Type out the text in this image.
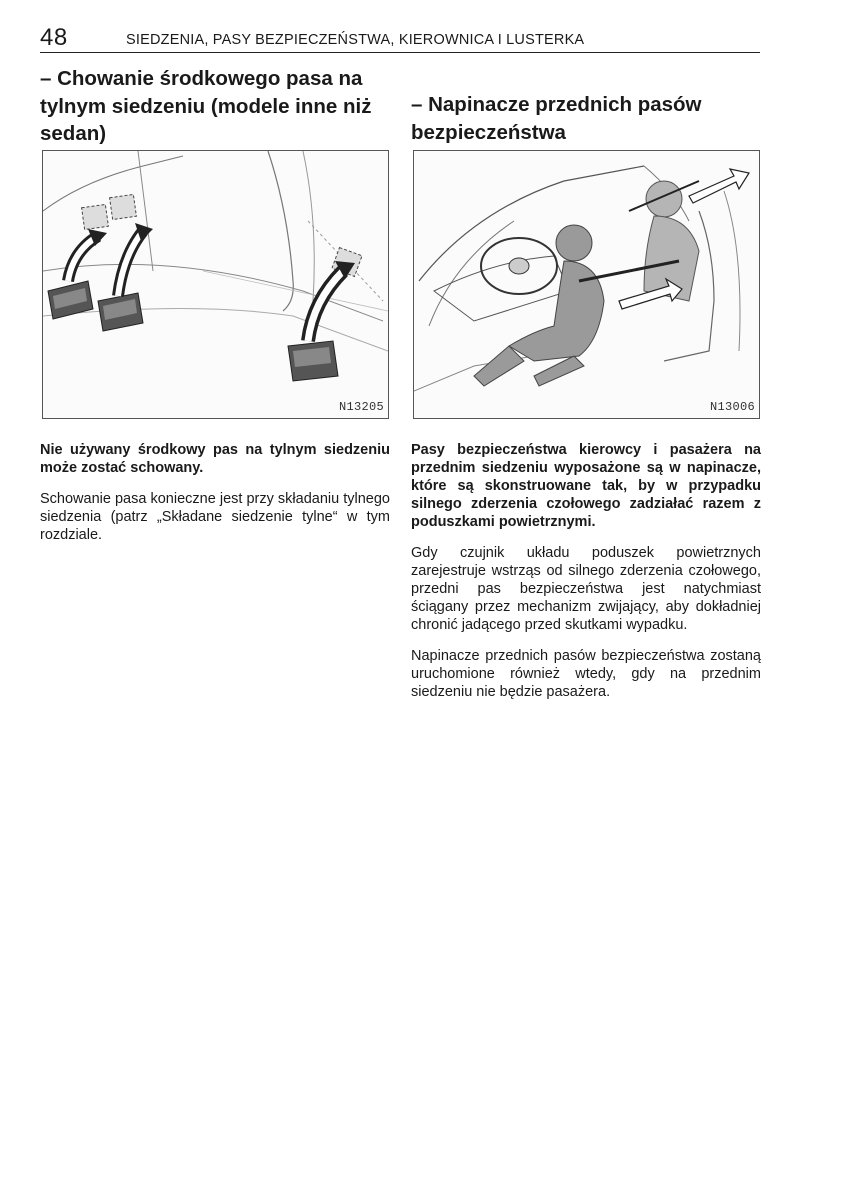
48	SIEDZENIA, PASY BEZPIECZEŃSTWA, KIEROWNICA I LUSTERKA
– Chowanie środkowego pasa na
tylnym siedzeniu (modele inne niż
sedan)
N13205

Nie używany środkowy pas na tylnym siedzeniu może zostać schowany.

Schowanie pasa konieczne jest przy składaniu tylnego siedzenia (patrz „Składane siedzenie tylne“ w tym rozdziale.

– Napinacze przednich pasów
bezpieczeństwa
N13006

Pasy bezpieczeństwa kierowcy i pasażera na przednim siedzeniu wyposażone są w napinacze, które są skonstruowane tak, by w przypadku silnego zderzenia czołowego zadziałać razem z poduszkami powietrznymi.

Gdy czujnik układu poduszek powietrznych zarejestruje wstrząs od silnego zderzenia czołowego, przedni pas bezpieczeństwa jest natychmiast ściągany przez mechanizm zwijający, aby dokładniej chronić jadącego przed skutkami wypadku.

Napinacze przednich pasów bezpieczeństwa zostaną uruchomione również wtedy, gdy na przednim siedzeniu nie będzie pasażera.
